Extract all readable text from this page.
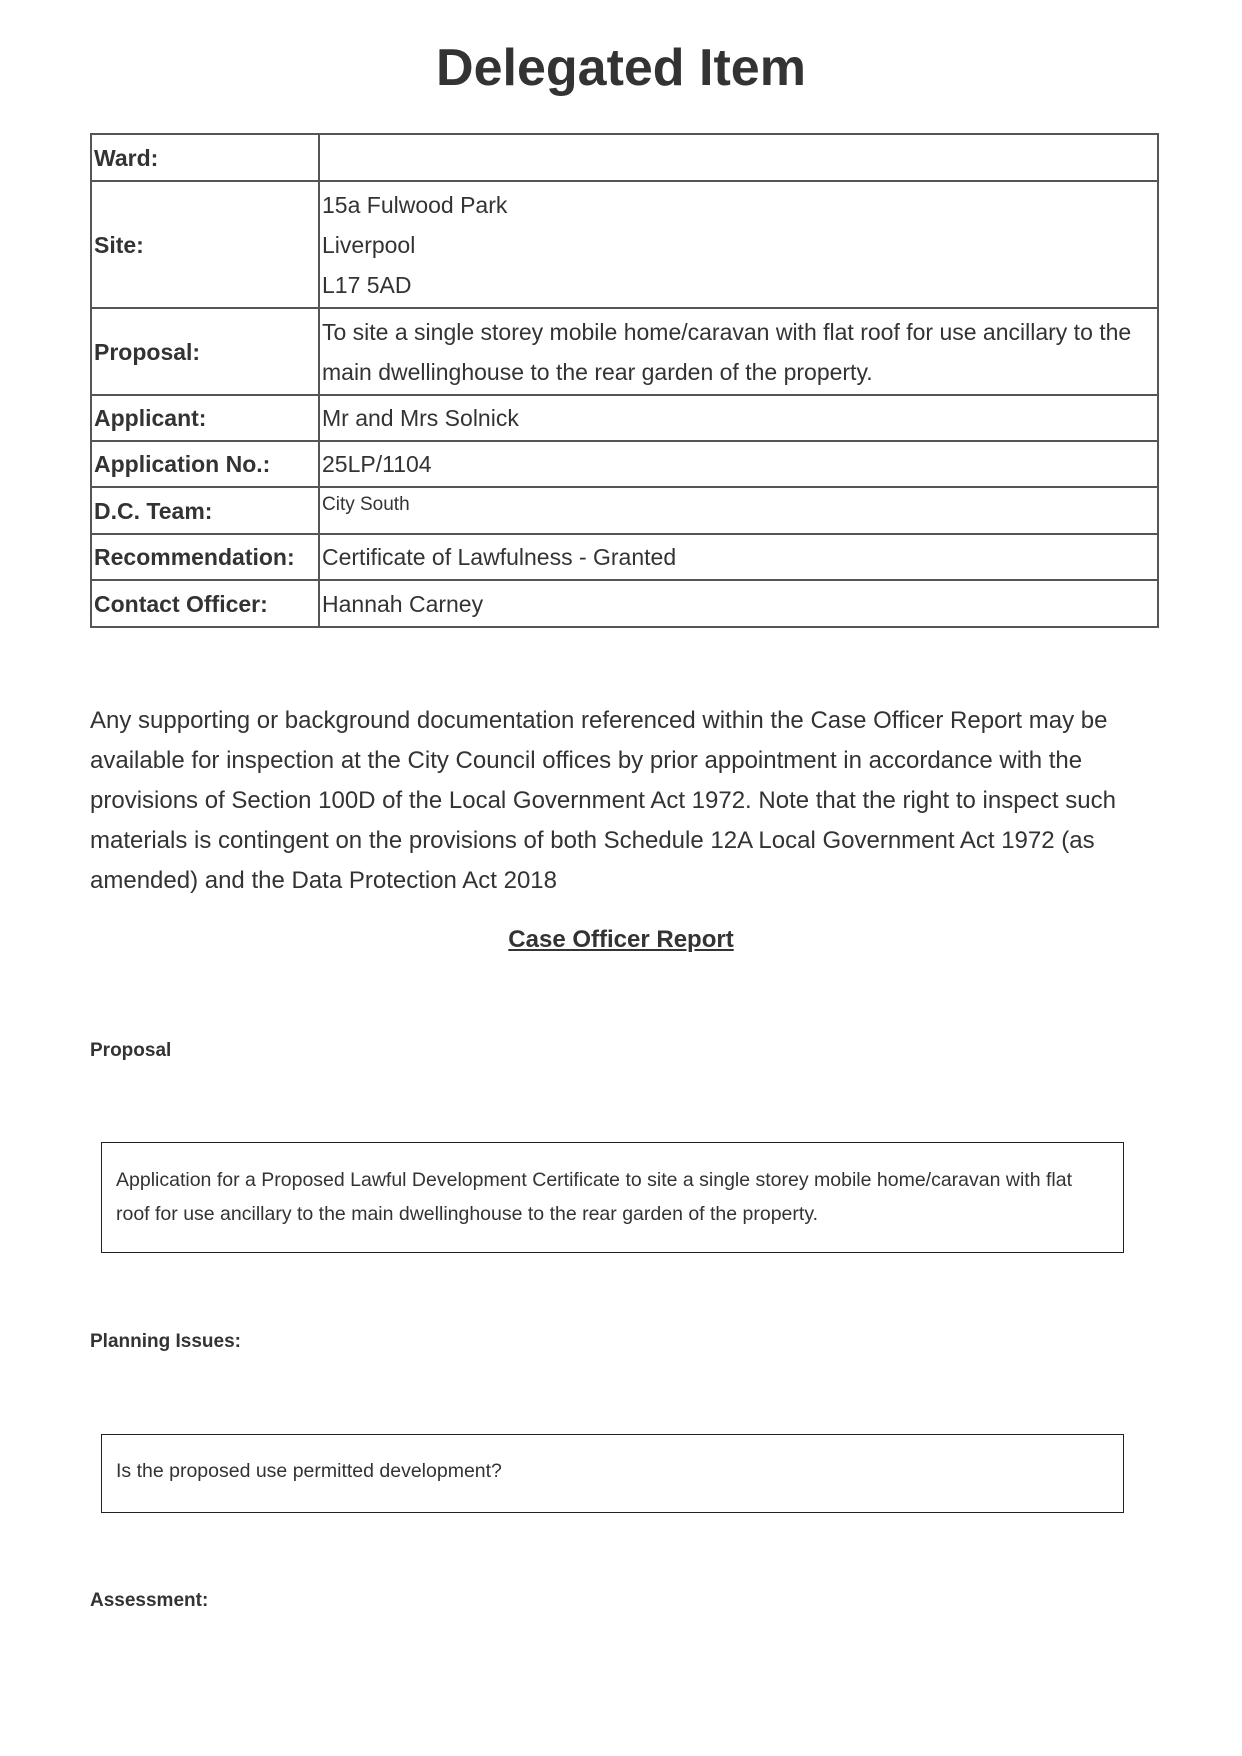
Delegated Item
Ward:	
Site:	15a Fulwood Park
Liverpool
L17 5AD

Proposal:	To site a single storey mobile home/caravan with flat roof for use ancillary to the main dwellinghouse to the rear garden of the property.
Applicant:	Mr and Mrs Solnick
Application No.:	25LP/1104
D.C. Team:	City South
Recommendation:	Certificate of Lawfulness - Granted
Contact Officer:	Hannah Carney
Any supporting or background documentation referenced within the Case Officer Report may be available for inspection at the City Council offices by prior appointment in accordance with the provisions of Section 100D of the Local Government Act 1972. Note that the right to inspect such materials is contingent on the provisions of both Schedule 12A Local Government Act 1972 (as amended) and the Data Protection Act 2018
Case Officer Report
Proposal
Application for a Proposed Lawful Development Certificate to site a single storey mobile home/caravan with flat roof for use ancillary to the main dwellinghouse to the rear garden of the property.
Planning Issues:
Is the proposed use permitted development?
Assessment:
